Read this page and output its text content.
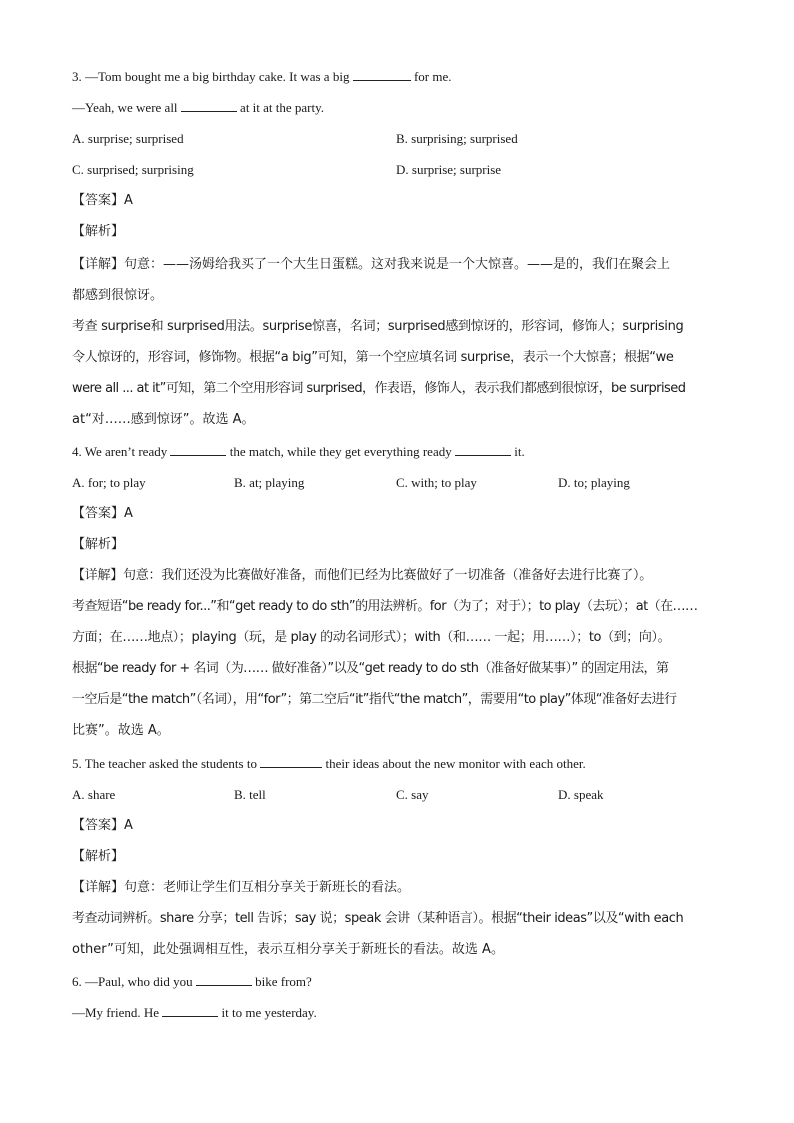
3. —Tom bought me a big birthday cake. It was a big	for me.
—Yeah, we were all	at it at the party.
A. surprise; surprised	B. surprising; surprised
C. surprised; surprising	D. surprise; surprise
【答案】A
【解析】
【详解】句意：——汤姆给我买了一个大生日蛋糕。这对我来说是一个大惊喜。——是的，我们在聚会上
都感到很惊讶。
考查 surprise和 surprised用法。surprise惊喜，名词；surprised感到惊讶的，形容词，修饰人；surprising
令人惊讶的，形容词，修饰物。根据“a big”可知，第一个空应填名词 surprise，表示一个大惊喜；根据“we
were all ... at it”可知，第二个空用形容词 surprised，作表语，修饰人，表示我们都感到很惊讶，be surprised
at“对……感到惊讶”。故选 A。
4. We aren’t ready	the match, while they get everything ready	it.
A. for; to play	B. at; playing	C. with; to play	D. to; playing
【答案】A
【解析】
【详解】句意：我们还没为比赛做好准备，而他们已经为比赛做好了一切准备（准备好去进行比赛了）。
考查短语“be ready for...”和“get ready to do sth”的用法辨析。for（为了；对于）；to play（去玩）；at（在……
方面；在……地点）；playing（玩，是 play 的动名词形式）；with（和…… 一起；用……）；to（到；向）。
根据“be ready for + 名词（为…… 做好准备）”以及“get ready to do sth（准备好做某事）” 的固定用法，第
一空后是“the match”（名词），用“for”；第二空后“it”指代“the match”，需要用“to play”体现“准备好去进行
比赛”。故选 A。
5. The teacher asked the students to	their ideas about the new monitor with each other.
A. share	B. tell	C. say	D. speak
【答案】A
【解析】
【详解】句意：老师让学生们互相分享关于新班长的看法。
考查动词辨析。share 分享；tell 告诉；say 说；speak 会讲（某种语言）。根据“their ideas”以及“with each
other”可知，此处强调相互性，表示互相分享关于新班长的看法。故选 A。
6. —Paul, who did you	bike from?
—My friend. He	it to me yesterday.
